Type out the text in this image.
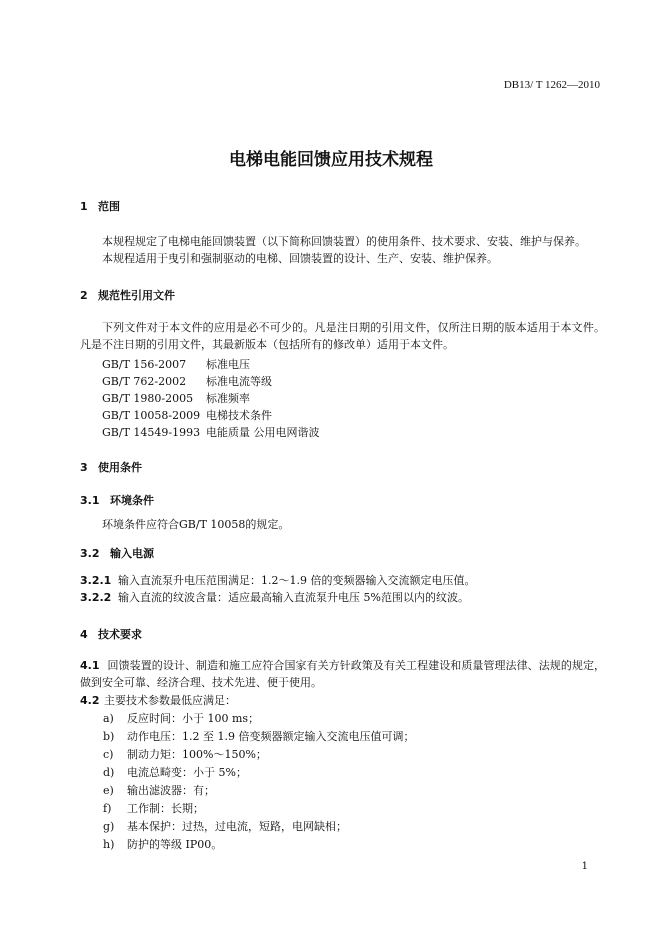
DB13/ T 1262—2010
电梯电能回馈应用技术规程
1 范围
本规程规定了电梯电能回馈装置（以下简称回馈装置）的使用条件、技术要求、安装、维护与保养。
本规程适用于曳引和强制驱动的电梯、回馈装置的设计、生产、安装、维护保养。
2 规范性引用文件
下列文件对于本文件的应用是必不可少的。凡是注日期的引用文件，仅所注日期的版本适用于本文件。凡是不注日期的引用文件，其最新版本（包括所有的修改单）适用于本文件。
GB/T 156-2007 标准电压
GB/T 762-2002 标准电流等级
GB/T 1980-2005 标准频率
GB/T 10058-2009 电梯技术条件
GB/T 14549-1993 电能质量 公用电网谐波
3 使用条件
3.1 环境条件
环境条件应符合GB/T 10058的规定。
3.2 输入电源
3.2.1 输入直流泵升电压范围满足：1.2～1.9 倍的变频器输入交流额定电压值。
3.2.2 输入直流的纹波含量：适应最高输入直流泵升电压 5%范围以内的纹波。
4 技术要求
4.1 回馈装置的设计、制造和施工应符合国家有关方针政策及有关工程建设和质量管理法律、法规的规定，做到安全可靠、经济合理、技术先进、便于使用。
4.2 主要技术参数最低应满足：
a) 反应时间：小于 100 ms；
b) 动作电压：1.2 至 1.9 倍变频器额定输入交流电压值可调；
c) 制动力矩：100%～150%；
d) 电流总畸变：小于 5%；
e) 输出滤波器：有；
f) 工作制：长期；
g) 基本保护：过热，过电流，短路，电网缺相；
h) 防护的等级 IP00。
1
